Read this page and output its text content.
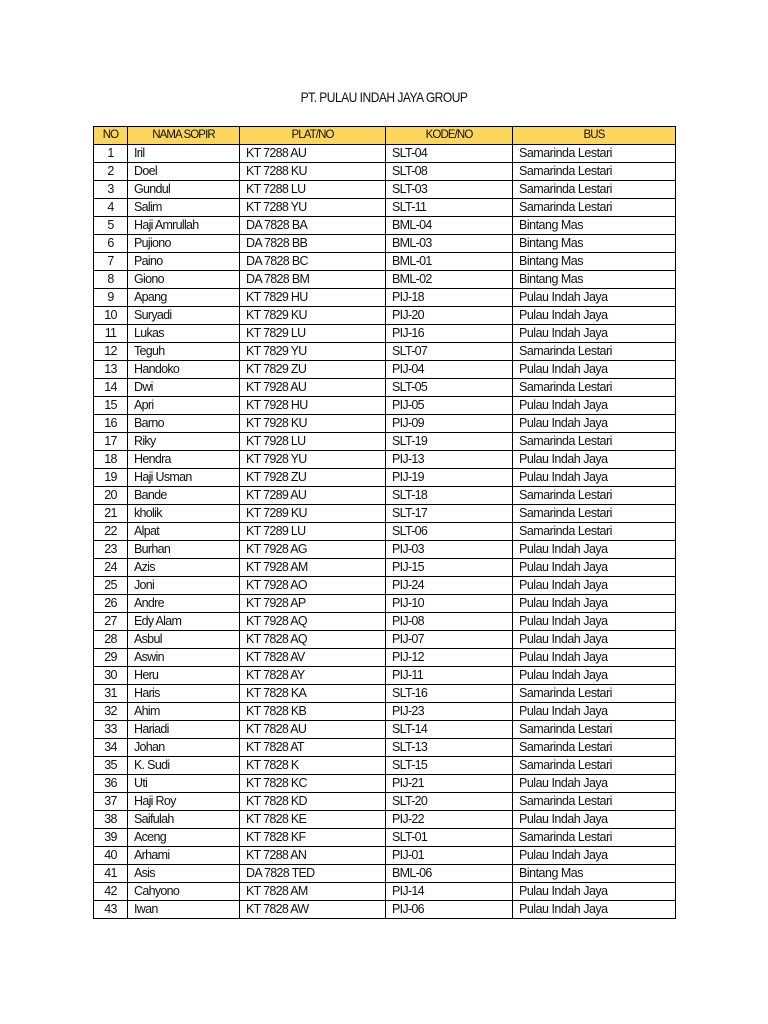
PT. PULAU INDAH JAYA GROUP
NO	NAMA SOPIR	PLAT/NO	KODE/NO	BUS
1	Iril	KT 7288 AU	SLT-04	Samarinda Lestari
2	Doel	KT 7288 KU	SLT-08	Samarinda Lestari
3	Gundul	KT 7288 LU	SLT-03	Samarinda Lestari
4	Salim	KT 7288 YU	SLT-11	Samarinda Lestari
5	Haji Amrullah	DA 7828 BA	BML-04	Bintang Mas
6	Pujiono	DA 7828 BB	BML-03	Bintang Mas
7	Paino	DA 7828 BC	BML-01	Bintang Mas
8	Giono	DA 7828 BM	BML-02	Bintang Mas
9	Apang	KT 7829 HU	PIJ-18	Pulau Indah Jaya
10	Suryadi	KT 7829 KU	PIJ-20	Pulau Indah Jaya
11	Lukas	KT 7829 LU	PIJ-16	Pulau Indah Jaya
12	Teguh	KT 7829 YU	SLT-07	Samarinda Lestari
13	Handoko	KT 7829 ZU	PIJ-04	Pulau Indah Jaya
14	Dwi	KT 7928 AU	SLT-05	Samarinda Lestari
15	Apri	KT 7928 HU	PIJ-05	Pulau Indah Jaya
16	Barno	KT 7928 KU	PIJ-09	Pulau Indah Jaya
17	Riky	KT 7928 LU	SLT-19	Samarinda Lestari
18	Hendra	KT 7928 YU	PIJ-13	Pulau Indah Jaya
19	Haji Usman	KT 7928 ZU	PIJ-19	Pulau Indah Jaya
20	Bande	KT 7289 AU	SLT-18	Samarinda Lestari
21	kholik	KT 7289 KU	SLT-17	Samarinda Lestari
22	Alpat	KT 7289 LU	SLT-06	Samarinda Lestari
23	Burhan	KT 7928 AG	PIJ-03	Pulau Indah Jaya
24	Azis	KT 7928 AM	PIJ-15	Pulau Indah Jaya
25	Joni	KT 7928 AO	PIJ-24	Pulau Indah Jaya
26	Andre	KT 7928 AP	PIJ-10	Pulau Indah Jaya
27	Edy Alam	KT 7928 AQ	PIJ-08	Pulau Indah Jaya
28	Asbul	KT 7828 AQ	PIJ-07	Pulau Indah Jaya
29	Aswin	KT 7828 AV	PIJ-12	Pulau Indah Jaya
30	Heru	KT 7828 AY	PIJ-11	Pulau Indah Jaya
31	Haris	KT 7828 KA	SLT-16	Samarinda Lestari
32	Ahim	KT 7828 KB	PIJ-23	Pulau Indah Jaya
33	Hariadi	KT 7828 AU	SLT-14	Samarinda Lestari
34	Johan	KT 7828 AT	SLT-13	Samarinda Lestari
35	K. Sudi	KT 7828 K	SLT-15	Samarinda Lestari
36	Uti	KT 7828 KC	PIJ-21	Pulau Indah Jaya
37	Haji Roy	KT 7828 KD	SLT-20	Samarinda Lestari
38	Saifulah	KT 7828 KE	PIJ-22	Pulau Indah Jaya
39	Aceng	KT 7828 KF	SLT-01	Samarinda Lestari
40	Arhami	KT 7288 AN	PIJ-01	Pulau Indah Jaya
41	Asis	DA 7828 TED	BML-06	Bintang Mas
42	Cahyono	KT 7828 AM	PIJ-14	Pulau Indah Jaya
43	Iwan	KT 7828 AW	PIJ-06	Pulau Indah Jaya
